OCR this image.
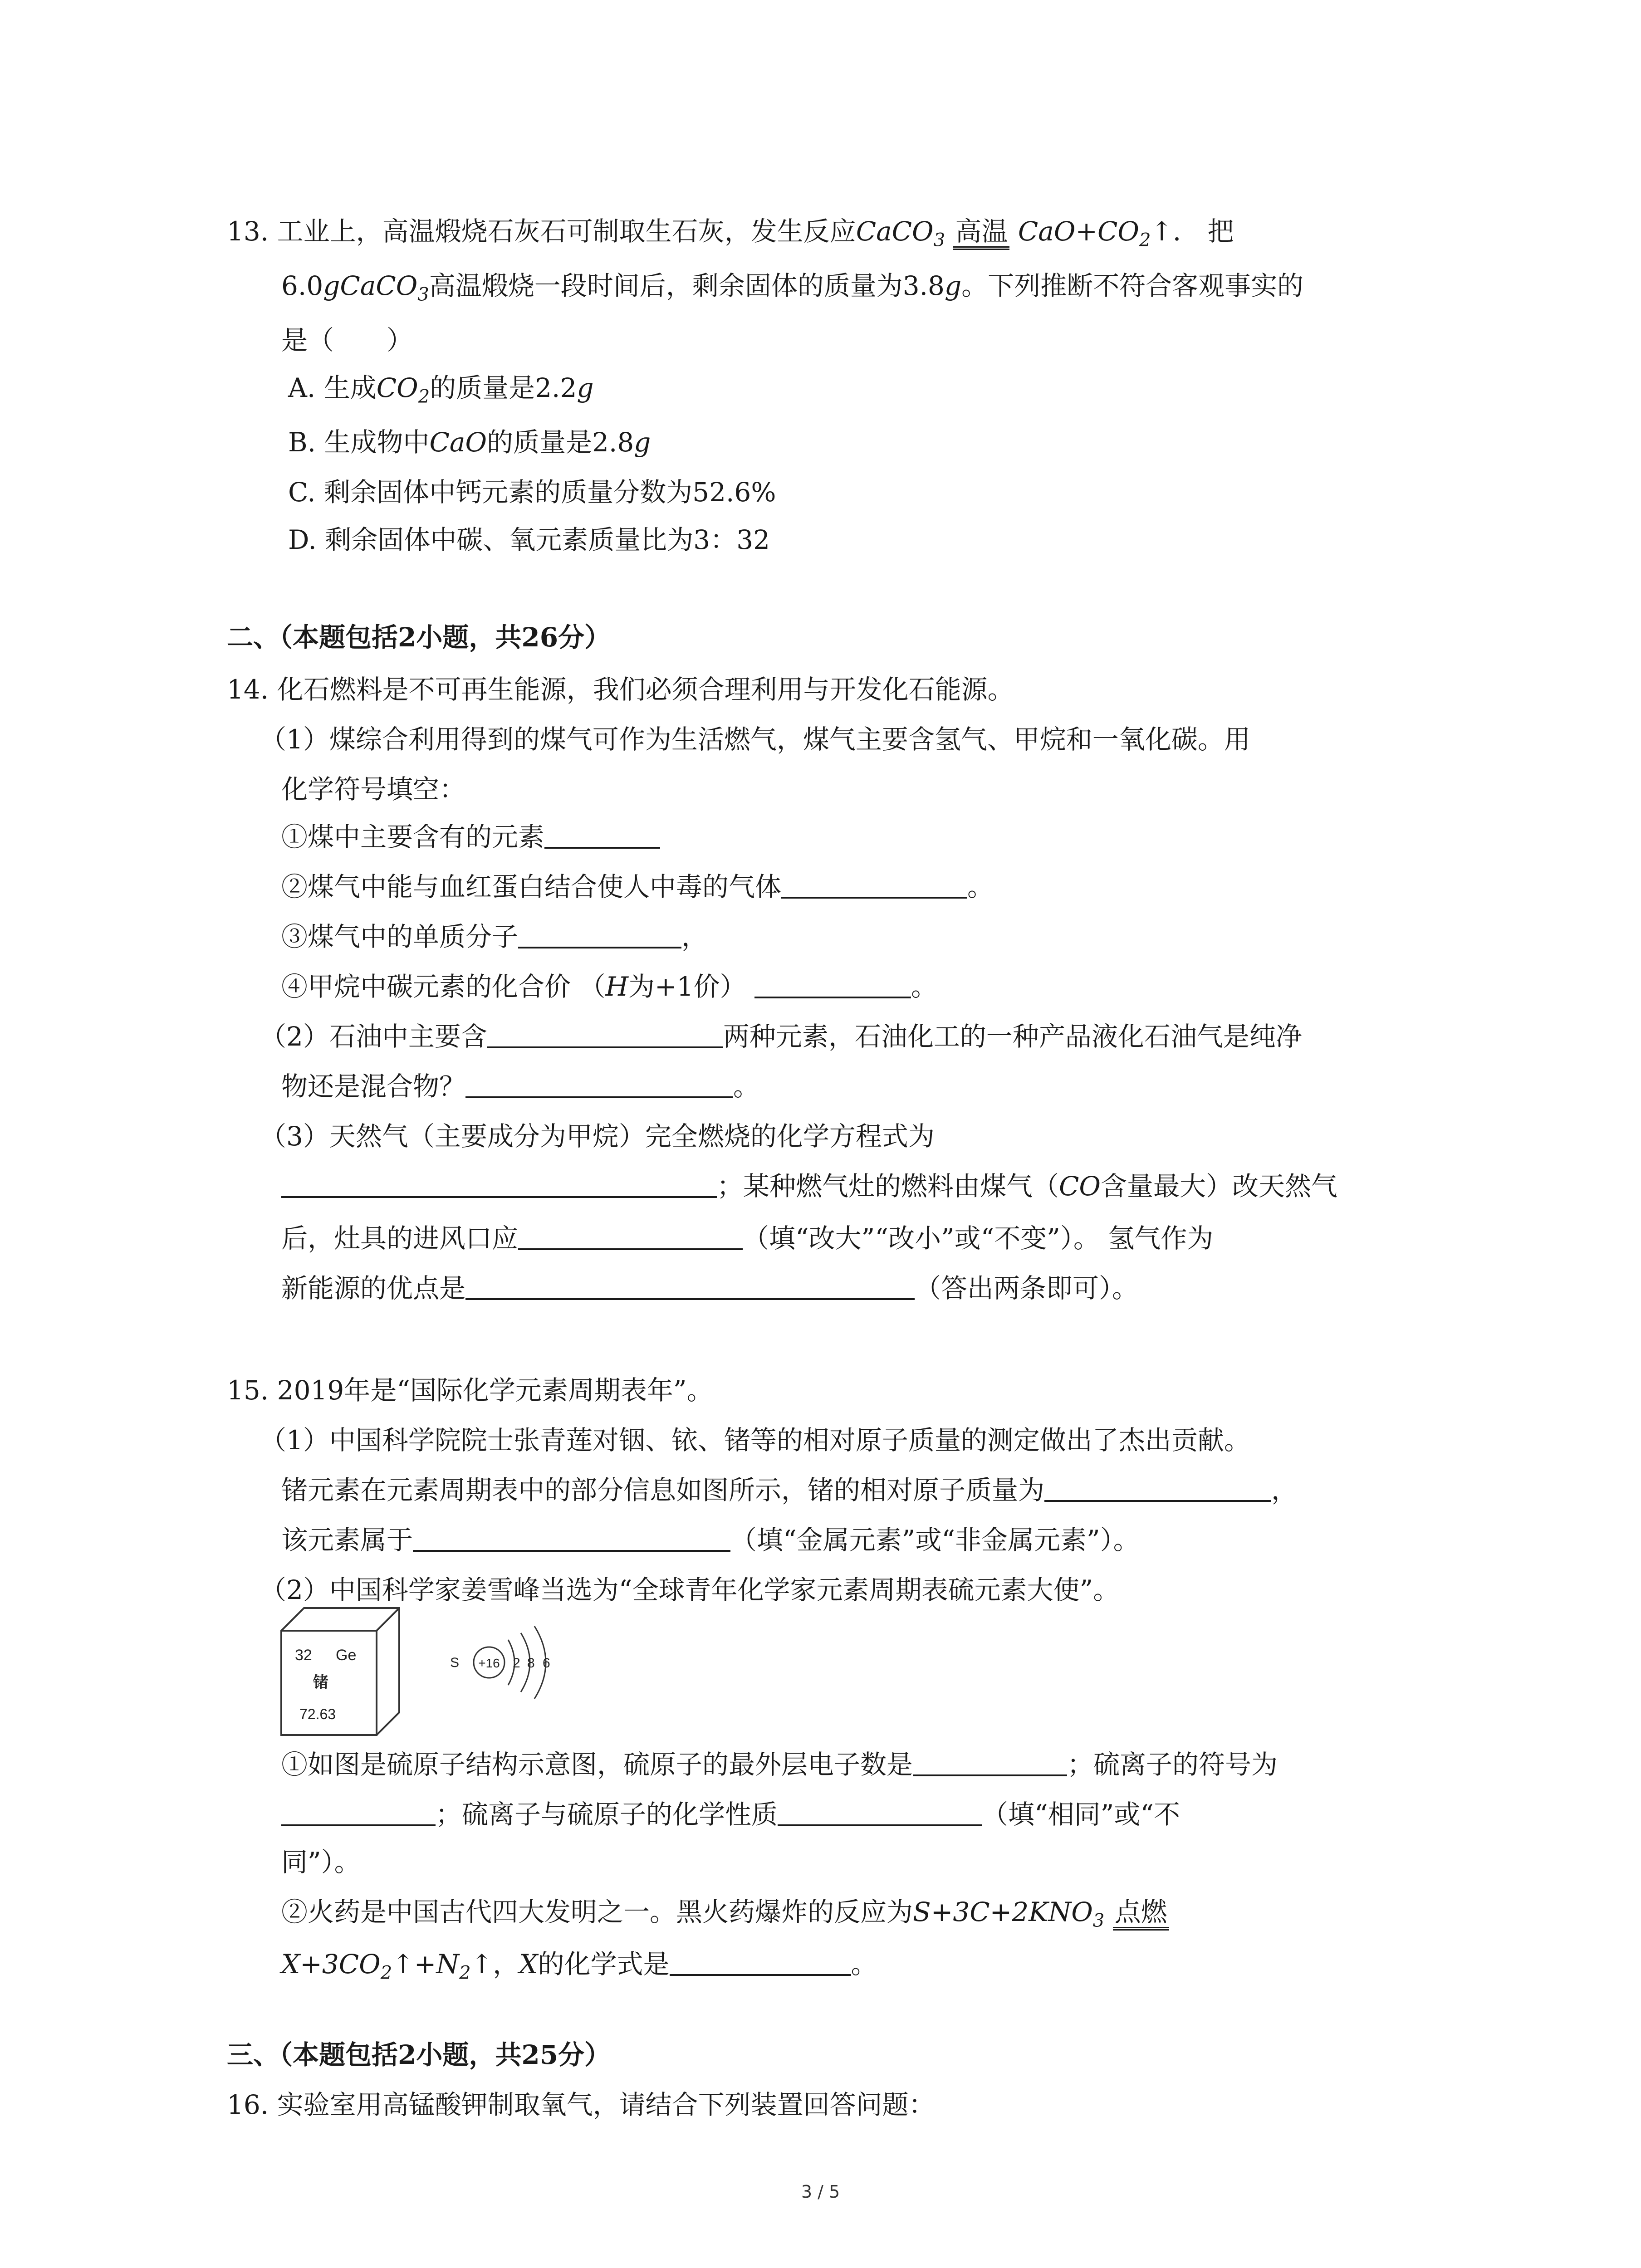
13. 工业上，高温煅烧石灰石可制取生石灰，发生反应CaCO$_3$ 高温 $CaO+CO_2↑$． 把
6.0gCaCO$_3$高温煅烧一段时间后，剩余固体的质量为3.8g。下列推断不符合客观事实的
是（　　）
A. 生成$CO_2$的质量是2.2g
B. 生成物中CaO的质量是2.8g
C. 剩余固体中钙元素的质量分数为52.6%
D. 剩余固体中碳、氧元素质量比为3：32
二、（本题包括2小题，共26分）
14. 化石燃料是不可再生能源，我们必须合理利用与开发化石能源。
（1）煤综合利用得到的煤气可作为生活燃气，煤气主要含氢气、甲烷和一氧化碳。用
化学符号填空：
①煤中主要含有的元素
②煤气中能与血红蛋白结合使人中毒的气体	。
③煤气中的单质分子	，
④甲烷中碳元素的化合价 （H为+1价）	。
（2）石油中主要含	两种元素，石油化工的一种产品液化石油气是纯净
物还是混合物？	。
（3）天然气（主要成分为甲烷）完全燃烧的化学方程式为
；某种燃气灶的燃料由煤气（CO含量最大）改天然气
后，灶具的进风口应	（填“改大”“改小”或“不变”）。 氢气作为
新能源的优点是	（答出两条即可）。
15. 2019年是“国际化学元素周期表年”。
（1）中国科学院院士张青莲对铟、铱、锗等的相对原子质量的测定做出了杰出贡献。
锗元素在元素周期表中的部分信息如图所示，锗的相对原子质量为	，
该元素属于	（填“金属元素”或“非金属元素”）。
（2）中国科学家姜雪峰当选为“全球青年化学家元素周期表硫元素大使”。
32 Ge
锗
72.63
S +16 2 8 6
①如图是硫原子结构示意图，硫原子的最外层电子数是	；硫离子的符号为
；硫离子与硫原子的化学性质	（填“相同”或“不
同”）。
②火药是中国古代四大发明之一。黑火药爆炸的反应为$S+3C+2KNO_3$ 点燃
$X+3CO_2↑+N_2↑$，X的化学式是	。
三、（本题包括2小题，共25分）
16. 实验室用高锰酸钾制取氧气，请结合下列装置回答问题：
3 / 5
